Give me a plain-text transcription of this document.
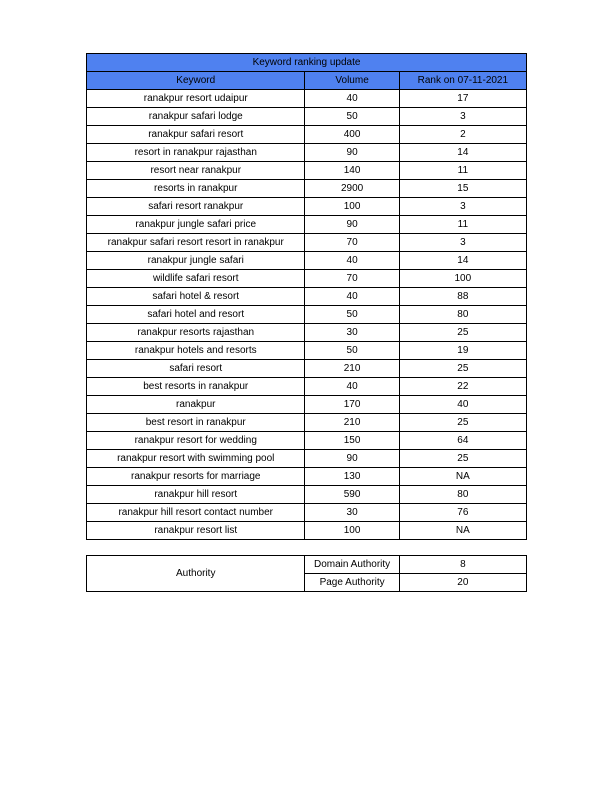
Keyword ranking update		
Keyword	Volume	Rank on 07-11-2021
ranakpur resort udaipur	40	17
ranakpur safari lodge	50	3
ranakpur safari resort	400	2
resort in ranakpur rajasthan	90	14
resort near ranakpur	140	11
resorts in ranakpur	2900	15
safari resort ranakpur	100	3
ranakpur jungle safari price	90	11
ranakpur safari resort resort in ranakpur	70	3
ranakpur jungle safari	40	14
wildlife safari resort	70	100
safari hotel & resort	40	88
safari hotel and resort	50	80
ranakpur resorts rajasthan	30	25
ranakpur hotels and resorts	50	19
safari resort	210	25
best resorts in ranakpur	40	22
ranakpur	170	40
best resort in ranakpur	210	25
ranakpur resort for wedding	150	64
ranakpur resort with swimming pool	90	25
ranakpur resorts for marriage	130	NA
ranakpur hill resort	590	80
ranakpur hill resort contact number	30	76
ranakpur resort list	100	NA
Authority	Domain Authority	8
	Page Authority	20
